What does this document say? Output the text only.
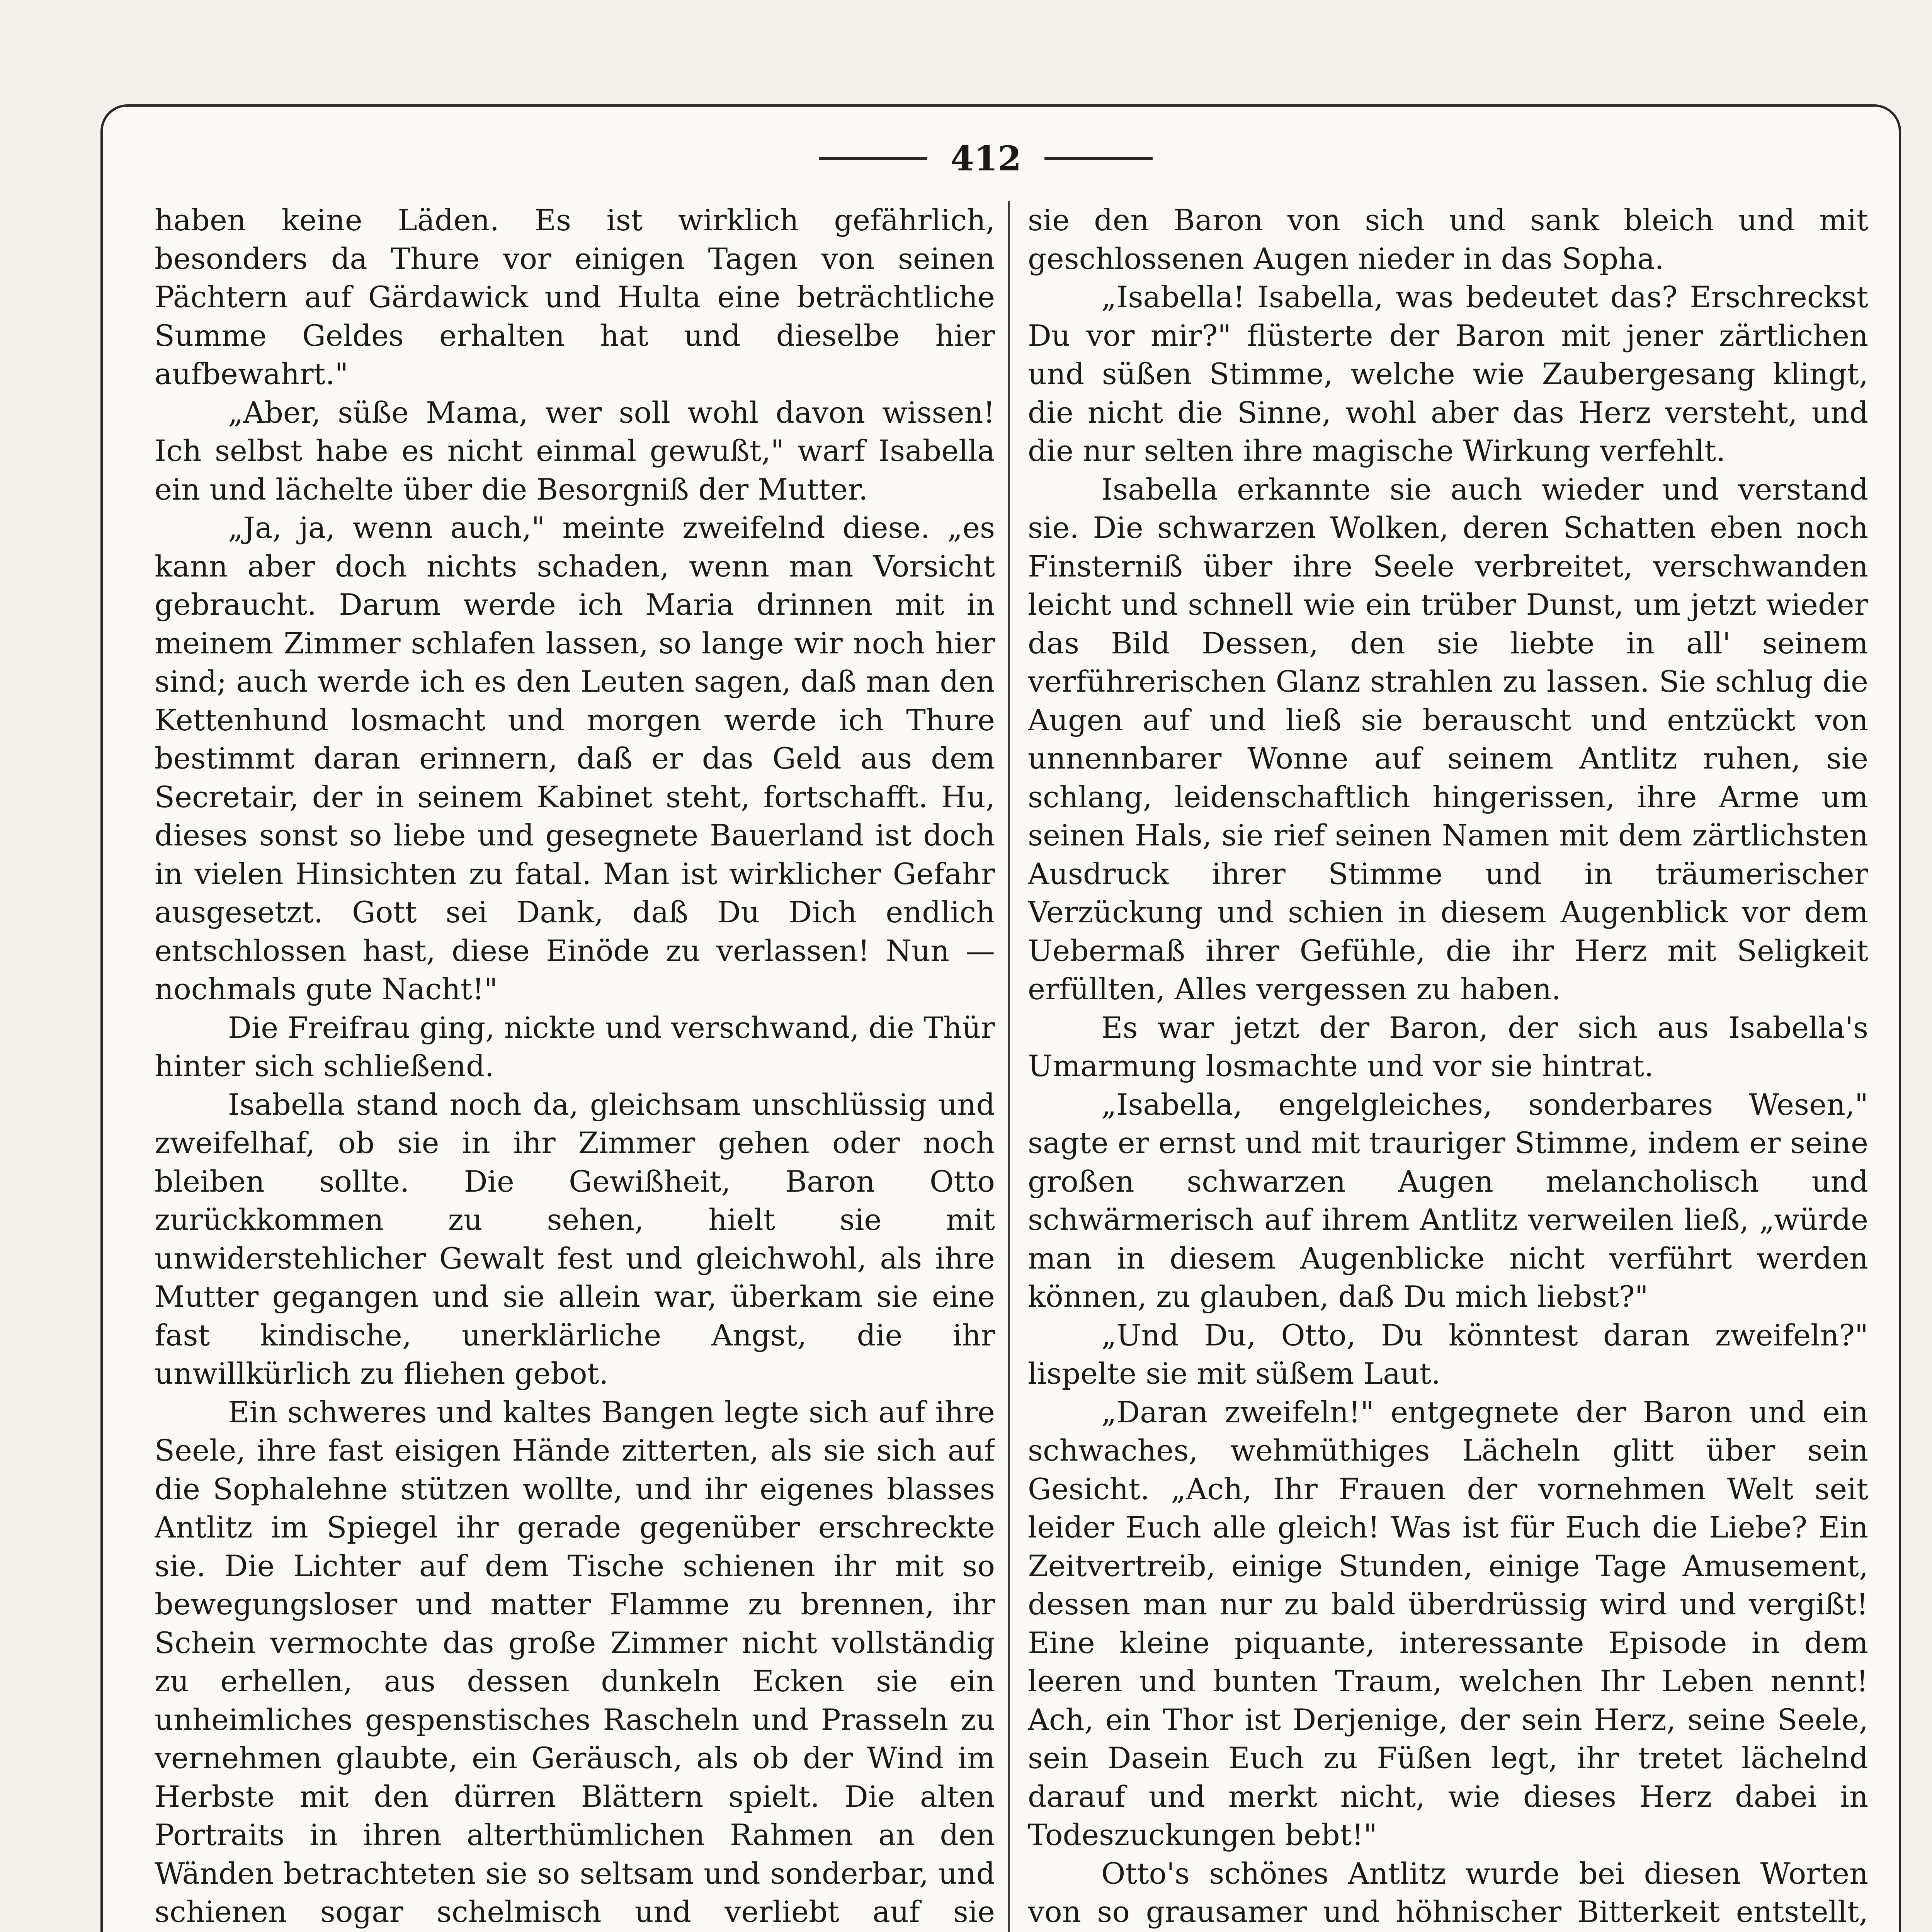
412

haben keine Läden. Es ist wirklich gefährlich, besonders da Thure vor einigen Tagen von seinen Pächtern auf Gärdawick und Hulta eine beträchtliche Summe Geldes erhalten hat und dieselbe hier aufbewahrt."

„Aber, süße Mama, wer soll wohl davon wissen! Ich selbst habe es nicht einmal gewußt," warf Isabella ein und lächelte über die Besorgniß der Mutter.

„Ja, ja, wenn auch," meinte zweifelnd diese. „es kann aber doch nichts schaden, wenn man Vorsicht gebraucht. Darum werde ich Maria drinnen mit in meinem Zimmer schlafen lassen, so lange wir noch hier sind; auch werde ich es den Leuten sagen, daß man den Kettenhund losmacht und morgen werde ich Thure bestimmt daran erinnern, daß er das Geld aus dem Secretair, der in seinem Kabinet steht, fortschafft. Hu, dieses sonst so liebe und gesegnete Bauerland ist doch in vielen Hinsichten zu fatal. Man ist wirklicher Gefahr ausgesetzt. Gott sei Dank, daß Du Dich endlich entschlossen hast, diese Einöde zu verlassen! Nun — nochmals gute Nacht!"

Die Freifrau ging, nickte und verschwand, die Thür hinter sich schließend.

Isabella stand noch da, gleichsam unschlüssig und zweifelhaf, ob sie in ihr Zimmer gehen oder noch bleiben sollte. Die Gewißheit, Baron Otto zurückkommen zu sehen, hielt sie mit unwiderstehlicher Gewalt fest und gleichwohl, als ihre Mutter gegangen und sie allein war, überkam sie eine fast kindische, unerklärliche Angst, die ihr unwillkürlich zu fliehen gebot.

Ein schweres und kaltes Bangen legte sich auf ihre Seele, ihre fast eisigen Hände zitterten, als sie sich auf die Sophalehne stützen wollte, und ihr eigenes blasses Antlitz im Spiegel ihr gerade gegenüber erschreckte sie. Die Lichter auf dem Tische schienen ihr mit so bewegungsloser und matter Flamme zu brennen, ihr Schein vermochte das große Zimmer nicht vollständig zu erhellen, aus dessen dunkeln Ecken sie ein unheimliches gespenstisches Rascheln und Prasseln zu vernehmen glaubte, ein Geräusch, als ob der Wind im Herbste mit den dürren Blättern spielt. Die alten Portraits in ihren alterthümlichen Rahmen an den Wänden betrachteten sie so seltsam und sonderbar, und schienen sogar schelmisch und verliebt auf sie

sie den Baron von sich und sank bleich und mit geschlossenen Augen nieder in das Sopha.

„Isabella! Isabella, was bedeutet das? Erschreckst Du vor mir?" flüsterte der Baron mit jener zärtlichen und süßen Stimme, welche wie Zaubergesang klingt, die nicht die Sinne, wohl aber das Herz versteht, und die nur selten ihre magische Wirkung verfehlt.

Isabella erkannte sie auch wieder und verstand sie. Die schwarzen Wolken, deren Schatten eben noch Finsterniß über ihre Seele verbreitet, verschwanden leicht und schnell wie ein trüber Dunst, um jetzt wieder das Bild Dessen, den sie liebte in all' seinem verführerischen Glanz strahlen zu lassen. Sie schlug die Augen auf und ließ sie berauscht und entzückt von unnennbarer Wonne auf seinem Antlitz ruhen, sie schlang, leidenschaftlich hingerissen, ihre Arme um seinen Hals, sie rief seinen Namen mit dem zärtlichsten Ausdruck ihrer Stimme und in träumerischer Verzückung und schien in diesem Augenblick vor dem Uebermaß ihrer Gefühle, die ihr Herz mit Seligkeit erfüllten, Alles vergessen zu haben.

Es war jetzt der Baron, der sich aus Isabella's Umarmung losmachte und vor sie hintrat.

„Isabella, engelgleiches, sonderbares Wesen," sagte er ernst und mit trauriger Stimme, indem er seine großen schwarzen Augen melancholisch und schwärmerisch auf ihrem Antlitz verweilen ließ, „würde man in diesem Augenblicke nicht verführt werden können, zu glauben, daß Du mich liebst?"

„Und Du, Otto, Du könntest daran zweifeln?" lispelte sie mit süßem Laut.

„Daran zweifeln!" entgegnete der Baron und ein schwaches, wehmüthiges Lächeln glitt über sein Gesicht. „Ach, Ihr Frauen der vornehmen Welt seit leider Euch alle gleich! Was ist für Euch die Liebe? Ein Zeitvertreib, einige Stunden, einige Tage Amusement, dessen man nur zu bald überdrüssig wird und vergißt! Eine kleine piquante, interessante Episode in dem leeren und bunten Traum, welchen Ihr Leben nennt! Ach, ein Thor ist Derjenige, der sein Herz, seine Seele, sein Dasein Euch zu Füßen legt, ihr tretet lächelnd darauf und merkt nicht, wie dieses Herz dabei in Todeszuckungen bebt!"

Otto's schönes Antlitz wurde bei diesen Worten von so grausamer und höhnischer Bitterkeit entstellt,
